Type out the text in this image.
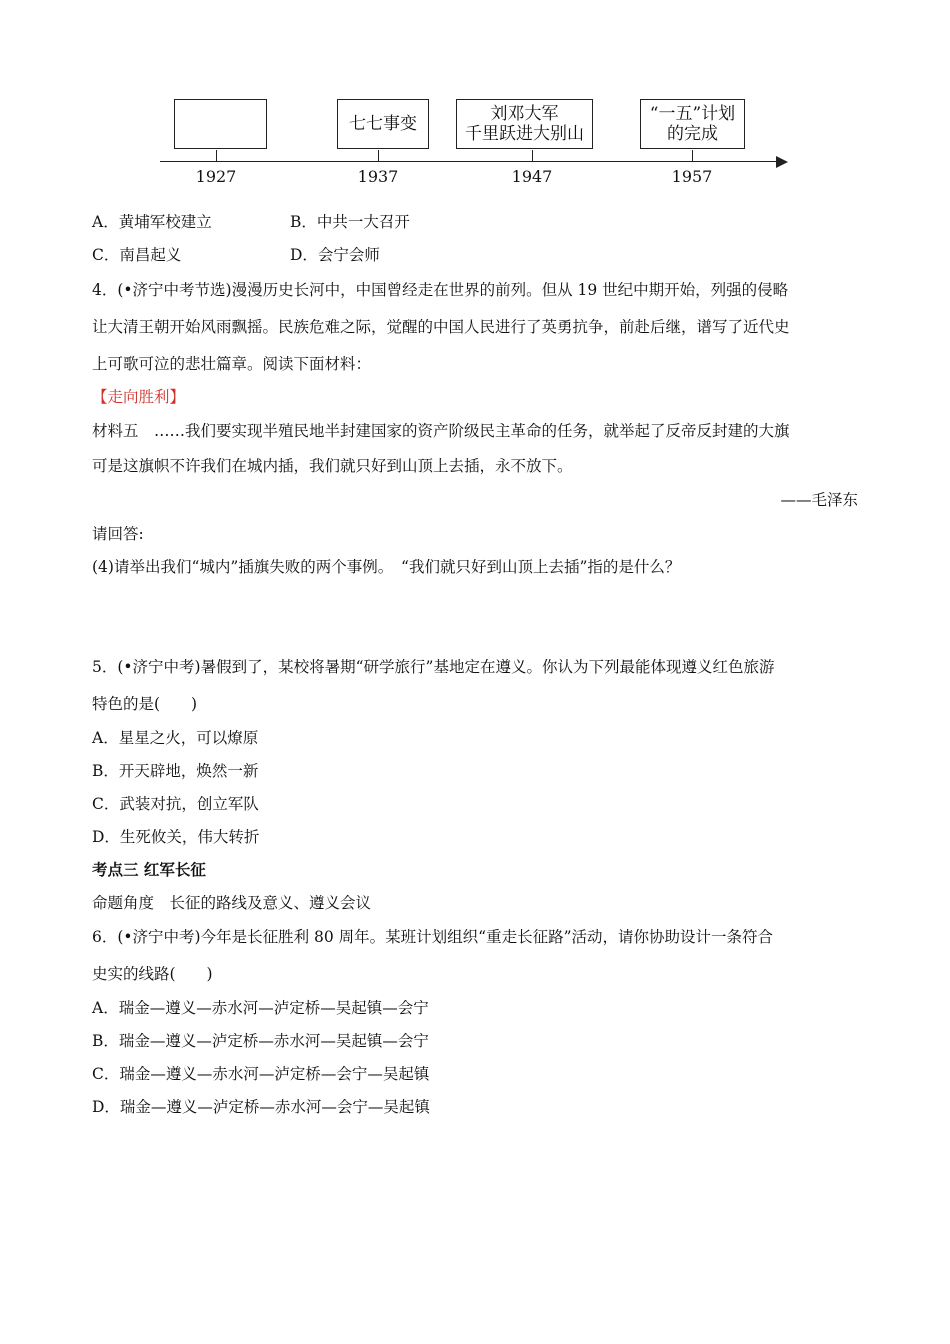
七七事变	刘邓大军
千里跃进大别山
“一五”计划
的完成
1927	1937	1947	1957
A．黄埔军校建立	B．中共一大召开
C．南昌起义	D．会宁会师
4．(•济宁中考节选)漫漫历史长河中，中国曾经走在世界的前列。但从 19 世纪中期开始，列强的侵略
让大清王朝开始风雨飘摇。民族危难之际，觉醒的中国人民进行了英勇抗争，前赴后继，谱写了近代史
上可歌可泣的悲壮篇章。阅读下面材料：
【走向胜利】
材料五　……我们要实现半殖民地半封建国家的资产阶级民主革命的任务，就举起了反帝反封建的大旗
可是这旗帜不许我们在城内插，我们就只好到山顶上去插，永不放下。
——毛泽东
请回答:
(4)请举出我们“城内”插旗失败的两个事例。　“我们就只好到山顶上去插”指的是什么？
5．(•济宁中考)暑假到了，某校将暑期“研学旅行”基地定在遵义。你认为下列最能体现遵义红色旅游
特色的是(　　)
A．星星之火，可以燎原
B．开天辟地，焕然一新
C．武装对抗，创立军队
D．生死攸关，伟大转折
考点三 红军长征
命题角度　长征的路线及意义、遵义会议
6．(•济宁中考)今年是长征胜利 80 周年。某班计划组织“重走长征路”活动，请你协助设计一条符合
史实的线路(　　)
A．瑞金—遵义—赤水河—泸定桥—吴起镇—会宁
B．瑞金—遵义—泸定桥—赤水河—吴起镇—会宁
C．瑞金—遵义—赤水河—泸定桥—会宁—吴起镇
D．瑞金—遵义—泸定桥—赤水河—会宁—吴起镇
